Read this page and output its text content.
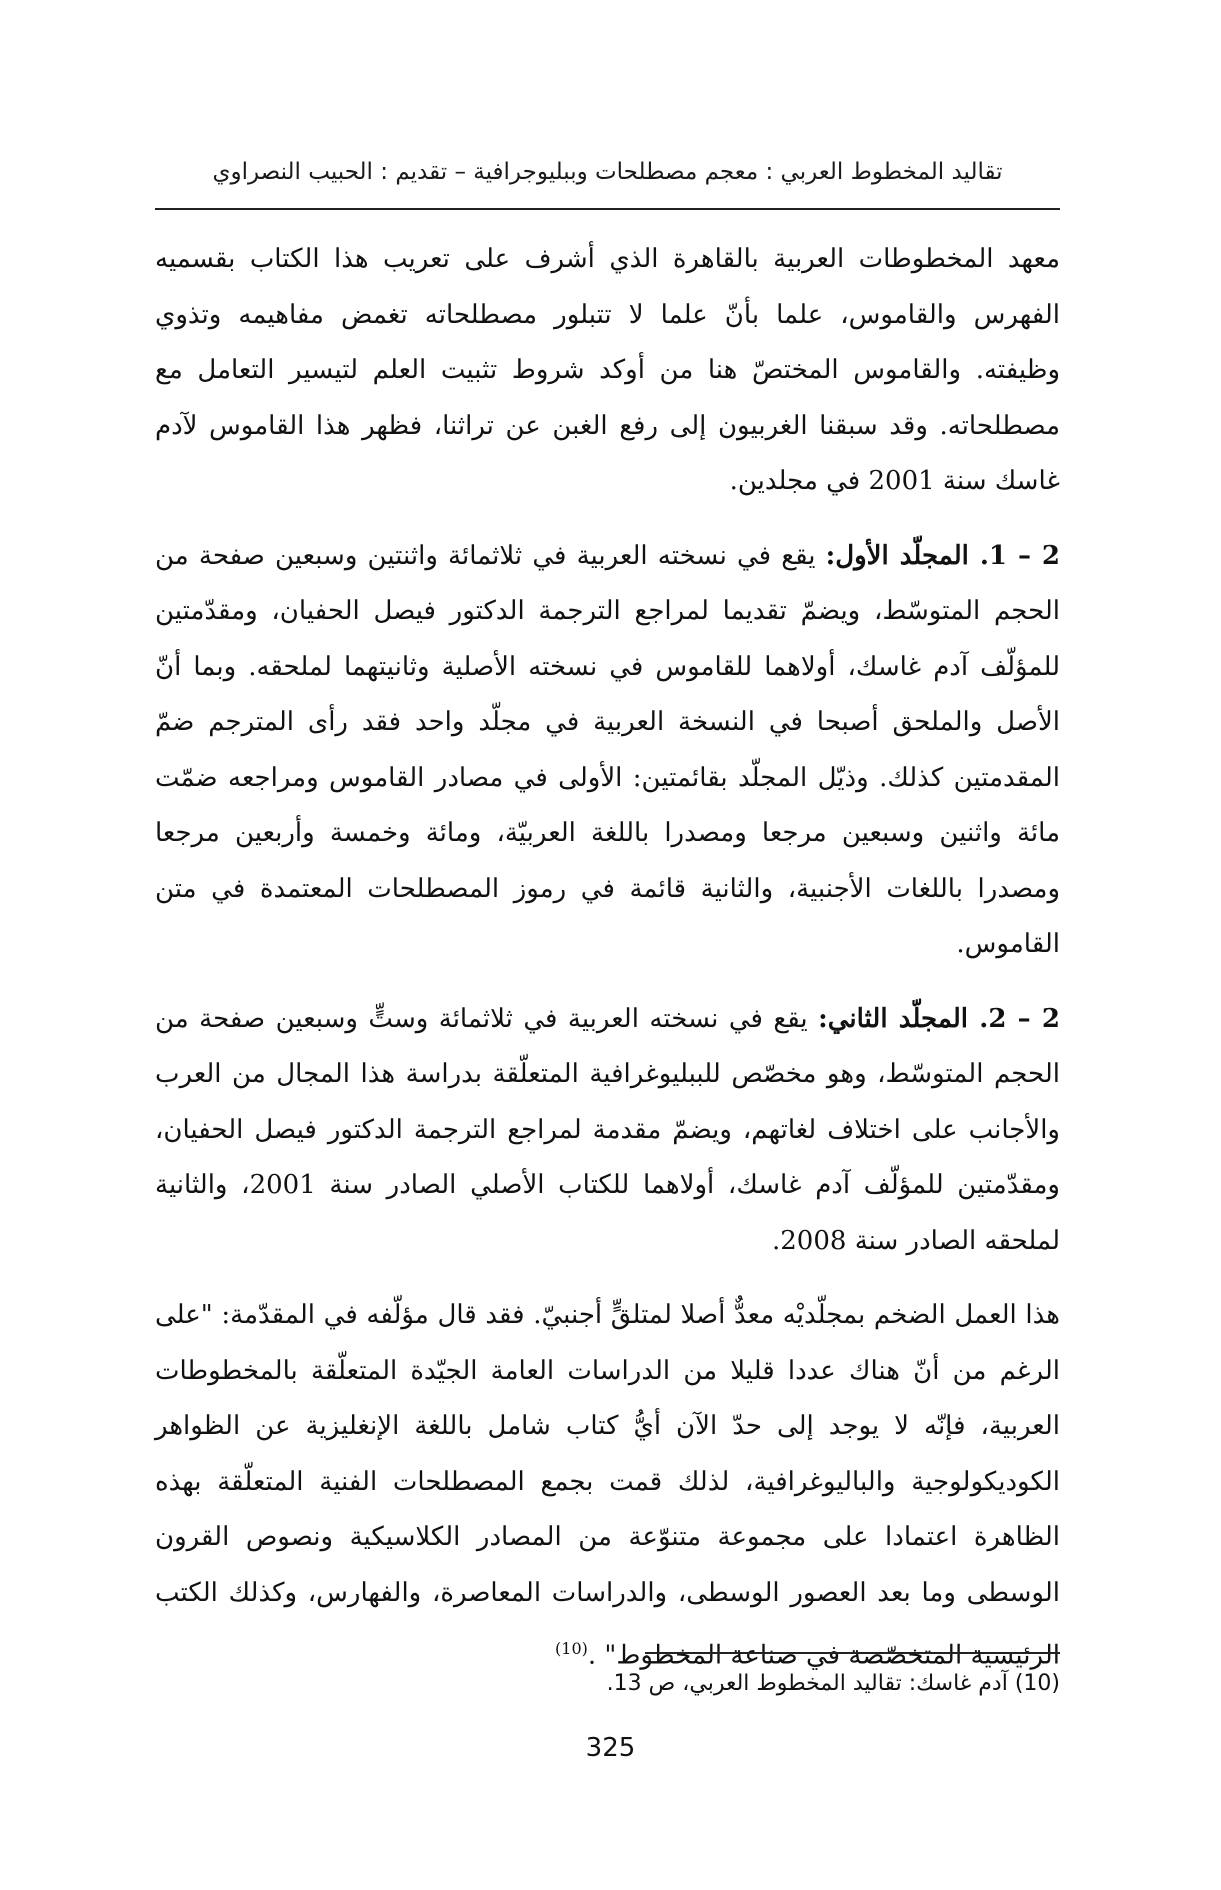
تقاليد المخطوط العربي : معجم مصطلحات وببليوجرافية – تقديم : الحبيب النصراوي

معهد المخطوطات العربية بالقاهرة الذي أشرف على تعريب هذا الكتاب بقسميه الفهرس والقاموس، علما بأنّ علما لا تتبلور مصطلحاته تغمض مفاهيمه وتذوي وظيفته. والقاموس المختصّ هنا من أوكد شروط تثبيت العلم لتيسير التعامل مع مصطلحاته. وقد سبقنا الغربيون إلى رفع الغبن عن تراثنا، فظهر هذا القاموس لآدم غاسك سنة 2001 في مجلدين.

2 – 1. المجلّد الأول: يقع في نسخته العربية في ثلاثمائة واثنتين وسبعين صفحة من الحجم المتوسّط، ويضمّ تقديما لمراجع الترجمة الدكتور فيصل الحفيان، ومقدّمتين للمؤلّف آدم غاسك، أولاهما للقاموس في نسخته الأصلية وثانيتهما لملحقه. وبما أنّ الأصل والملحق أصبحا في النسخة العربية في مجلّد واحد فقد رأى المترجم ضمّ المقدمتين كذلك. وذيّل المجلّد بقائمتين: الأولى في مصادر القاموس ومراجعه ضمّت مائة واثنين وسبعين مرجعا ومصدرا باللغة العربيّة، ومائة وخمسة وأربعين مرجعا ومصدرا باللغات الأجنبية، والثانية قائمة في رموز المصطلحات المعتمدة في متن القاموس.

2 – 2. المجلّد الثاني: يقع في نسخته العربية في ثلاثمائة وستٍّ وسبعين صفحة من الحجم المتوسّط، وهو مخصّص للببليوغرافية المتعلّقة بدراسة هذا المجال من العرب والأجانب على اختلاف لغاتهم، ويضمّ مقدمة لمراجع الترجمة الدكتور فيصل الحفيان، ومقدّمتين للمؤلّف آدم غاسك، أولاهما للكتاب الأصلي الصادر سنة 2001، والثانية لملحقه الصادر سنة 2008.

هذا العمل الضخم بمجلّديْه معدٌّ أصلا لمتلقٍّ أجنبيّ. فقد قال مؤلّفه في المقدّمة: "على الرغم من أنّ هناك عددا قليلا من الدراسات العامة الجيّدة المتعلّقة بالمخطوطات العربية، فإنّه لا يوجد إلى حدّ الآن أيُّ كتاب شامل باللغة الإنغليزية عن الظواهر الكوديكولوجية والباليوغرافية، لذلك قمت بجمع المصطلحات الفنية المتعلّقة بهذه الظاهرة اعتمادا على مجموعة متنوّعة من المصادر الكلاسيكية ونصوص القرون الوسطى وما بعد العصور الوسطى، والدراسات المعاصرة، والفهارس، وكذلك الكتب الرئيسية المتخصّصة في صناعة المخطوط" .$^{(10)}$

(10) آدم غاسك: تقاليد المخطوط العربي، ص 13.
325
